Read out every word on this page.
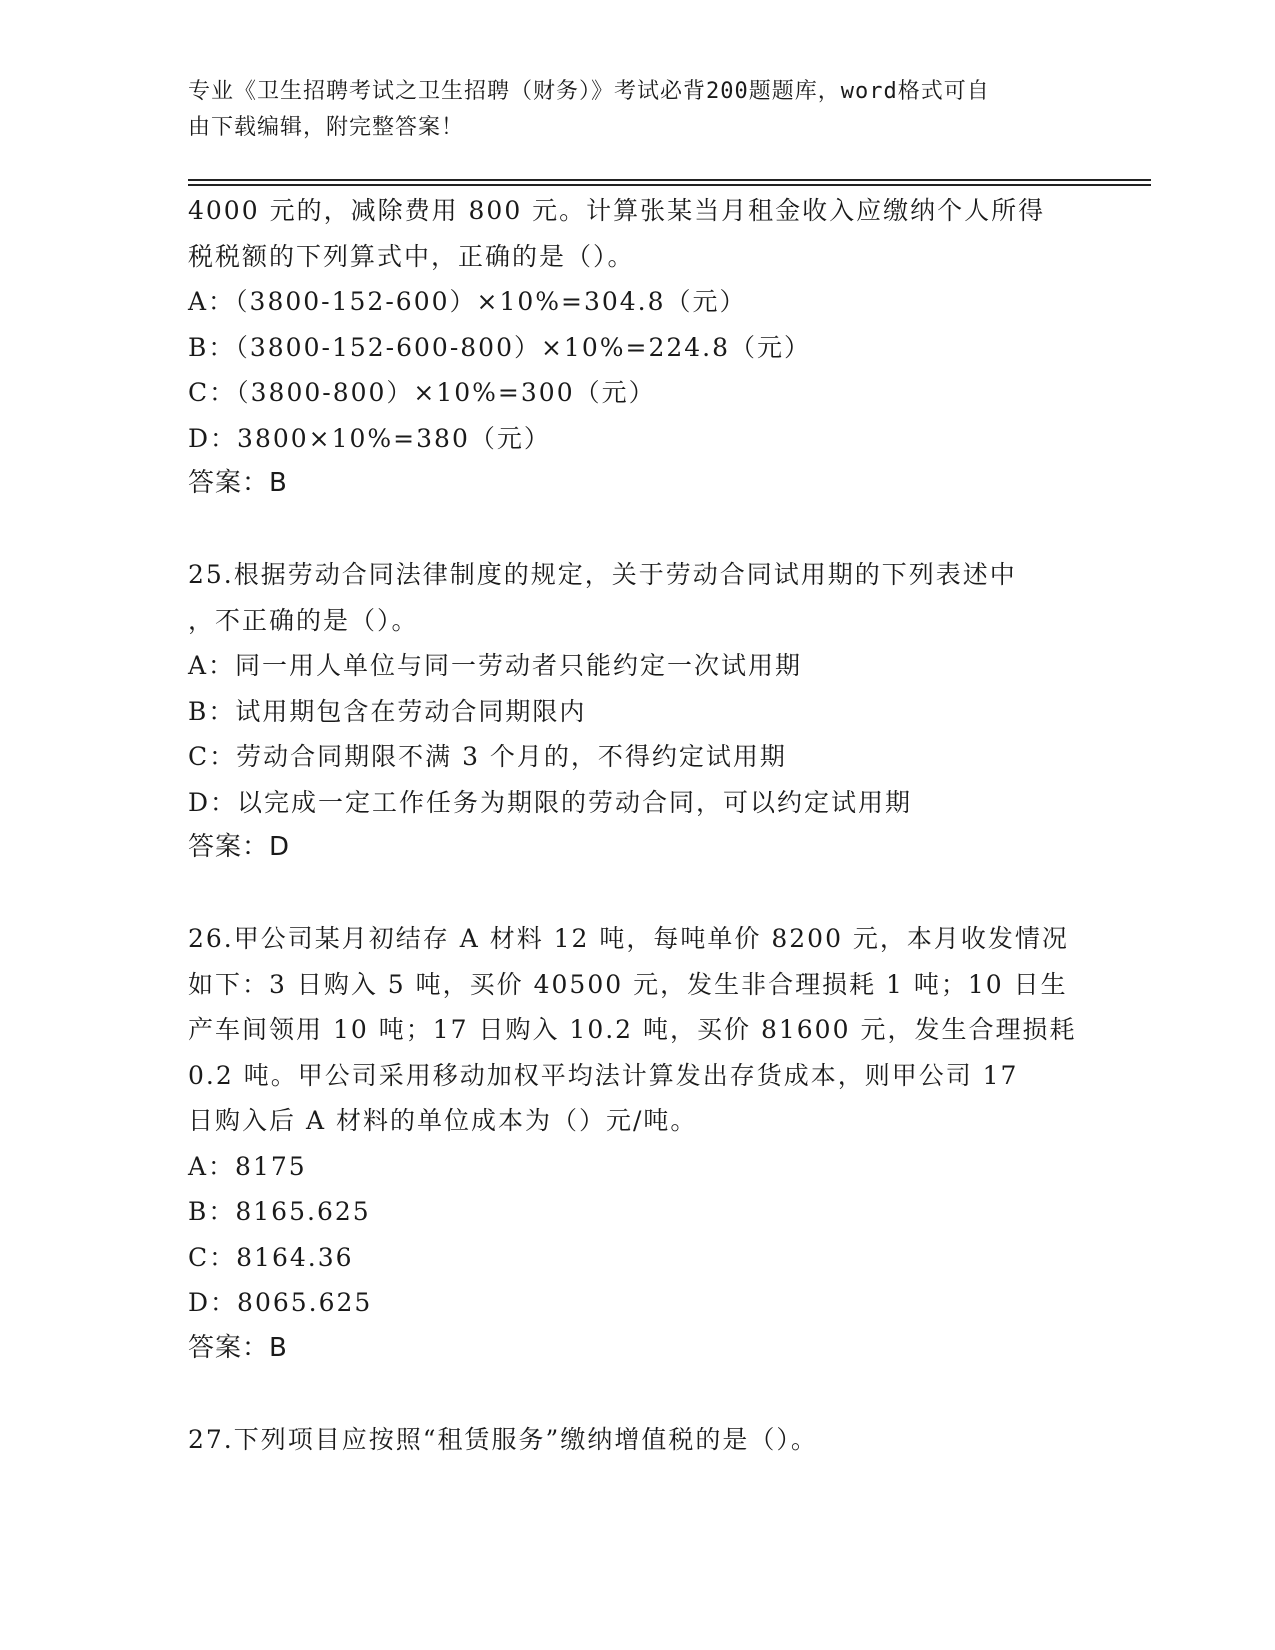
专业《卫生招聘考试之卫生招聘（财务）》考试必背200题题库，word格式可自
由下载编辑，附完整答案！
4000 元的，减除费用 800 元。计算张某当月租金收入应缴纳个人所得
税税额的下列算式中，正确的是（）。
A：（3800-152-600）×10%=304.8（元）
B：（3800-152-600-800）×10%=224.8（元）
C：（3800-800）×10%=300（元）
D：3800×10%=380（元）
答案：B
25.根据劳动合同法律制度的规定，关于劳动合同试用期的下列表述中
，不正确的是（）。
A：同一用人单位与同一劳动者只能约定一次试用期
B：试用期包含在劳动合同期限内
C：劳动合同期限不满 3 个月的，不得约定试用期
D：以完成一定工作任务为期限的劳动合同，可以约定试用期
答案：D
26.甲公司某月初结存 A 材料 12 吨，每吨单价 8200 元，本月收发情况
如下：3 日购入 5 吨，买价 40500 元，发生非合理损耗 1 吨；10 日生
产车间领用 10 吨；17 日购入 10.2 吨，买价 81600 元，发生合理损耗
0.2 吨。甲公司采用移动加权平均法计算发出存货成本，则甲公司 17
日购入后 A 材料的单位成本为（）元/吨。
A：8175
B：8165.625
C：8164.36
D：8065.625
答案：B
27.下列项目应按照“租赁服务”缴纳增值税的是（）。
